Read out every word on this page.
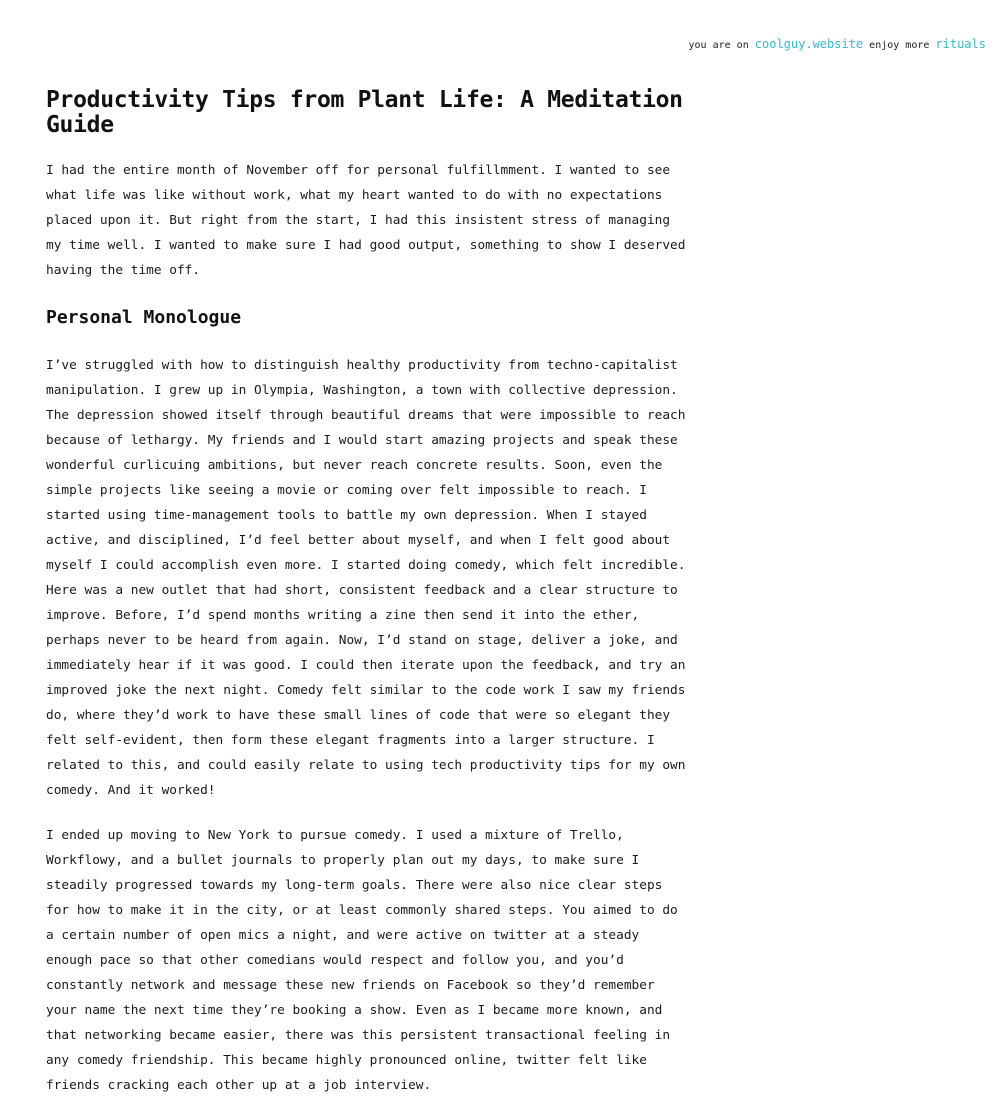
you are on coolguy.website enjoy more rituals
Productivity Tips from Plant Life: A Meditation Guide

I had the entire month of November off for personal fulfillmment. I wanted to see what life was like without work, what my heart wanted to do with no expectations placed upon it. But right from the start, I had this insistent stress of managing my time well. I wanted to make sure I had good output, something to show I deserved having the time off.

Personal Monologue

I’ve struggled with how to distinguish healthy productivity from techno-capitalist manipulation. I grew up in Olympia, Washington, a town with collective depression. The depression showed itself through beautiful dreams that were impossible to reach because of lethargy. My friends and I would start amazing projects and speak these wonderful curlicuing ambitions, but never reach concrete results. Soon, even the simple projects like seeing a movie or coming over felt impossible to reach. I started using time-management tools to battle my own depression. When I stayed active, and disciplined, I’d feel better about myself, and when I felt good about myself I could accomplish even more. I started doing comedy, which felt incredible. Here was a new outlet that had short, consistent feedback and a clear structure to improve. Before, I’d spend months writing a zine then send it into the ether, perhaps never to be heard from again. Now, I’d stand on stage, deliver a joke, and immediately hear if it was good. I could then iterate upon the feedback, and try an improved joke the next night. Comedy felt similar to the code work I saw my friends do, where they’d work to have these small lines of code that were so elegant they felt self-evident, then form these elegant fragments into a larger structure. I related to this, and could easily relate to using tech productivity tips for my own comedy. And it worked!

I ended up moving to New York to pursue comedy. I used a mixture of Trello, Workflowy, and a bullet journals to properly plan out my days, to make sure I steadily progressed towards my long-term goals. There were also nice clear steps for how to make it in the city, or at least commonly shared steps. You aimed to do a certain number of open mics a night, and were active on twitter at a steady enough pace so that other comedians would respect and follow you, and you’d constantly network and message these new friends on Facebook so they’d remember your name the next time they’re booking a show. Even as I became more known, and that networking became easier, there was this persistent transactional feeling in any comedy friendship. This became highly pronounced online, twitter felt like friends cracking each other up at a job interview.
